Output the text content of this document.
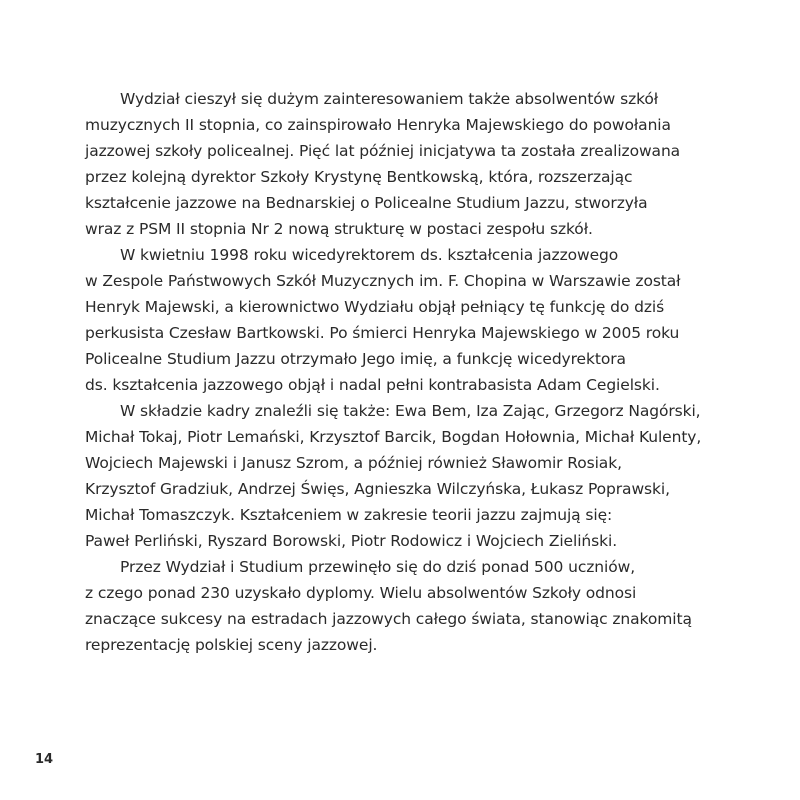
Wydział cieszył się dużym zainteresowaniem także absolwentów szkół
muzycznych II stopnia, co zainspirowało Henryka Majewskiego do powołania
jazzowej szkoły policealnej. Pięć lat później inicjatywa ta została zrealizowana
przez kolejną dyrektor Szkoły Krystynę Bentkowską, która, rozszerzając
kształcenie jazzowe na Bednarskiej o Policealne Studium Jazzu, stworzyła
wraz z PSM II stopnia Nr 2 nową strukturę w postaci zespołu szkół.
W kwietniu 1998 roku wicedyrektorem ds. kształcenia jazzowego
w Zespole Państwowych Szkół Muzycznych im. F. Chopina w Warszawie został
Henryk Majewski, a kierownictwo Wydziału objął pełniący tę funkcję do dziś
perkusista Czesław Bartkowski. Po śmierci Henryka Majewskiego w 2005 roku
Policealne Studium Jazzu otrzymało Jego imię, a funkcję wicedyrektora
ds. kształcenia jazzowego objął i nadal pełni kontrabasista Adam Cegielski.
W składzie kadry znaleźli się także: Ewa Bem, Iza Zając, Grzegorz Nagórski,
Michał Tokaj, Piotr Lemański, Krzysztof Barcik, Bogdan Hołownia, Michał Kulenty,
Wojciech Majewski i Janusz Szrom, a później również Sławomir Rosiak,
Krzysztof Gradziuk, Andrzej Święs, Agnieszka Wilczyńska, Łukasz Poprawski,
Michał Tomaszczyk. Kształceniem w zakresie teorii jazzu zajmują się:
Paweł Perliński, Ryszard Borowski, Piotr Rodowicz i Wojciech Zieliński.
Przez Wydział i Studium przewinęło się do dziś ponad 500 uczniów,
z czego ponad 230 uzyskało dyplomy. Wielu absolwentów Szkoły odnosi
znaczące sukcesy na estradach jazzowych całego świata, stanowiąc znakomitą
reprezentację polskiej sceny jazzowej.
14
